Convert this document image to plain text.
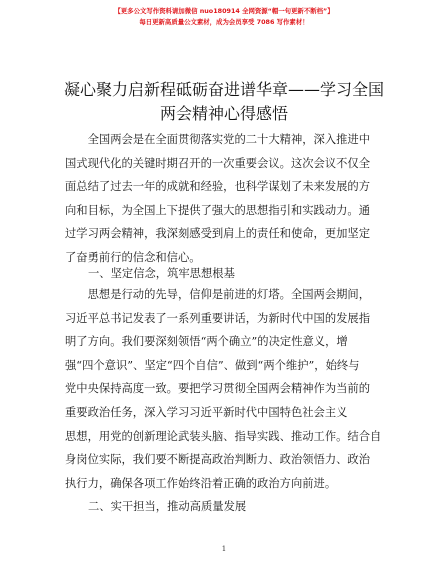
【更多公文写作资料请加微信 nuo180914 全网资源“帽一句更新不断档”】
每日更新高质量公文素材，成为会员享受 7086 写作素材！
凝心聚力启新程砥砺奋进谱华章——学习全国
两会精神心得感悟
　　全国两会是在全面贯彻落实党的二十大精神，深入推进中
国式现代化的关键时期召开的一次重要会议。这次会议不仅全
面总结了过去一年的成就和经验，也科学谋划了未来发展的方
向和目标，为全国上下提供了强大的思想指引和实践动力。通
过学习两会精神，我深刻感受到肩上的责任和使命，更加坚定
了奋勇前行的信念和信心。
一、坚定信念，筑牢思想根基
　　思想是行动的先导，信仰是前进的灯塔。全国两会期间，
习近平总书记发表了一系列重要讲话，为新时代中国的发展指
明了方向。我们要深刻领悟“两个确立”的决定性意义，增
强“四个意识”、坚定“四个自信”、做到“两个维护”，始终与
党中央保持高度一致。要把学习贯彻全国两会精神作为当前的
重要政治任务，深入学习习近平新时代中国特色社会主义
思想，用党的创新理论武装头脑、指导实践、推动工作。结合自
身岗位实际，我们要不断提高政治判断力、政治领悟力、政治
执行力，确保各项工作始终沿着正确的政治方向前进。
二、实干担当，推动高质量发展
1
